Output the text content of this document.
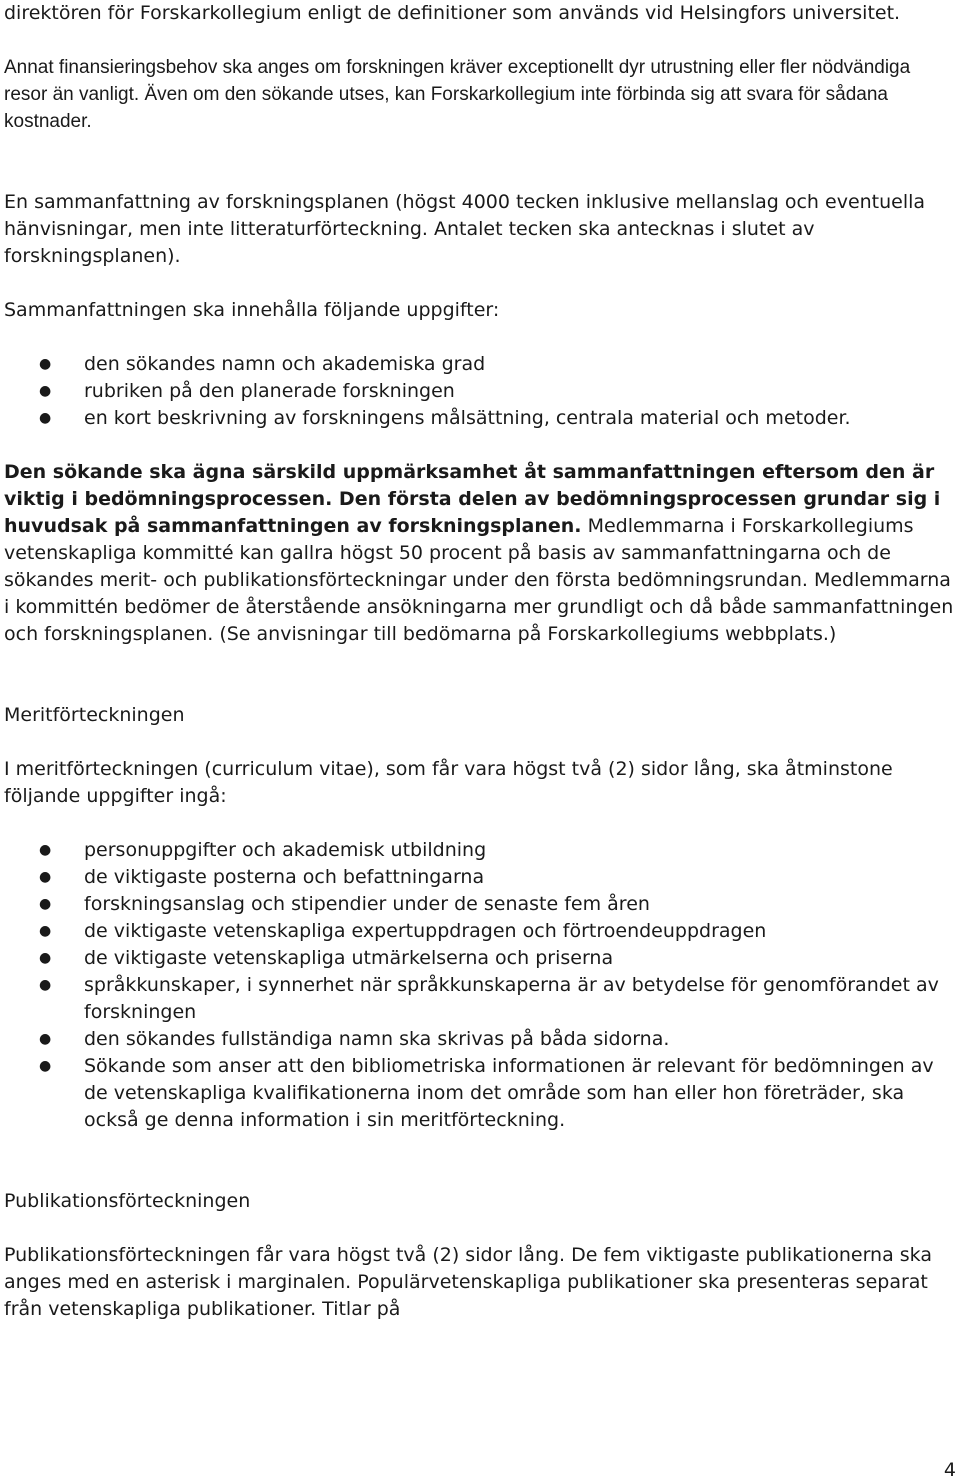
direktören för Forskarkollegium enligt de definitioner som används vid Helsingfors universitet.

Annat finansieringsbehov ska anges om forskningen kräver exceptionellt dyr utrustning eller fler nödvändiga resor än vanligt. Även om den sökande utses, kan Forskarkollegium inte förbinda sig att svara för sådana kostnader.

En sammanfattning av forskningsplanen (högst 4000 tecken inklusive mellanslag och eventuella hänvisningar, men inte litteraturförteckning. Antalet tecken ska antecknas i slutet av forskningsplanen).

Sammanfattningen ska innehålla följande uppgifter:

● den sökandes namn och akademiska grad
● rubriken på den planerade forskningen
● en kort beskrivning av forskningens målsättning, centrala material och metoder.

Den sökande ska ägna särskild uppmärksamhet åt sammanfattningen eftersom den är viktig i bedömningsprocessen. Den första delen av bedömningsprocessen grundar sig i huvudsak på sammanfattningen av forskningsplanen. Medlemmarna i Forskarkollegiums vetenskapliga kommitté kan gallra högst 50 procent på basis av sammanfattningarna och de sökandes merit- och publikationsförteckningar under den första bedömningsrundan. Medlemmarna i kommittén bedömer de återstående ansökningarna mer grundligt och då både sammanfattningen och forskningsplanen. (Se anvisningar till bedömarna på Forskarkollegiums webbplats.)

Meritförteckningen

I meritförteckningen (curriculum vitae), som får vara högst två (2) sidor lång, ska åtminstone följande uppgifter ingå:

● personuppgifter och akademisk utbildning
● de viktigaste posterna och befattningarna
● forskningsanslag och stipendier under de senaste fem åren
● de viktigaste vetenskapliga expertuppdragen och förtroendeuppdragen
● de viktigaste vetenskapliga utmärkelserna och priserna
● språkkunskaper, i synnerhet när språkkunskaperna är av betydelse för genomförandet av forskningen
● den sökandes fullständiga namn ska skrivas på båda sidorna.
● Sökande som anser att den bibliometriska informationen är relevant för bedömningen av de vetenskapliga kvalifikationerna inom det område som han eller hon företräder, ska också ge denna information i sin meritförteckning.

Publikationsförteckningen

Publikationsförteckningen får vara högst två (2) sidor lång. De fem viktigaste publikationerna ska anges med en asterisk i marginalen. Populärvetenskapliga publikationer ska presenteras separat från vetenskapliga publikationer. Titlar på

4
